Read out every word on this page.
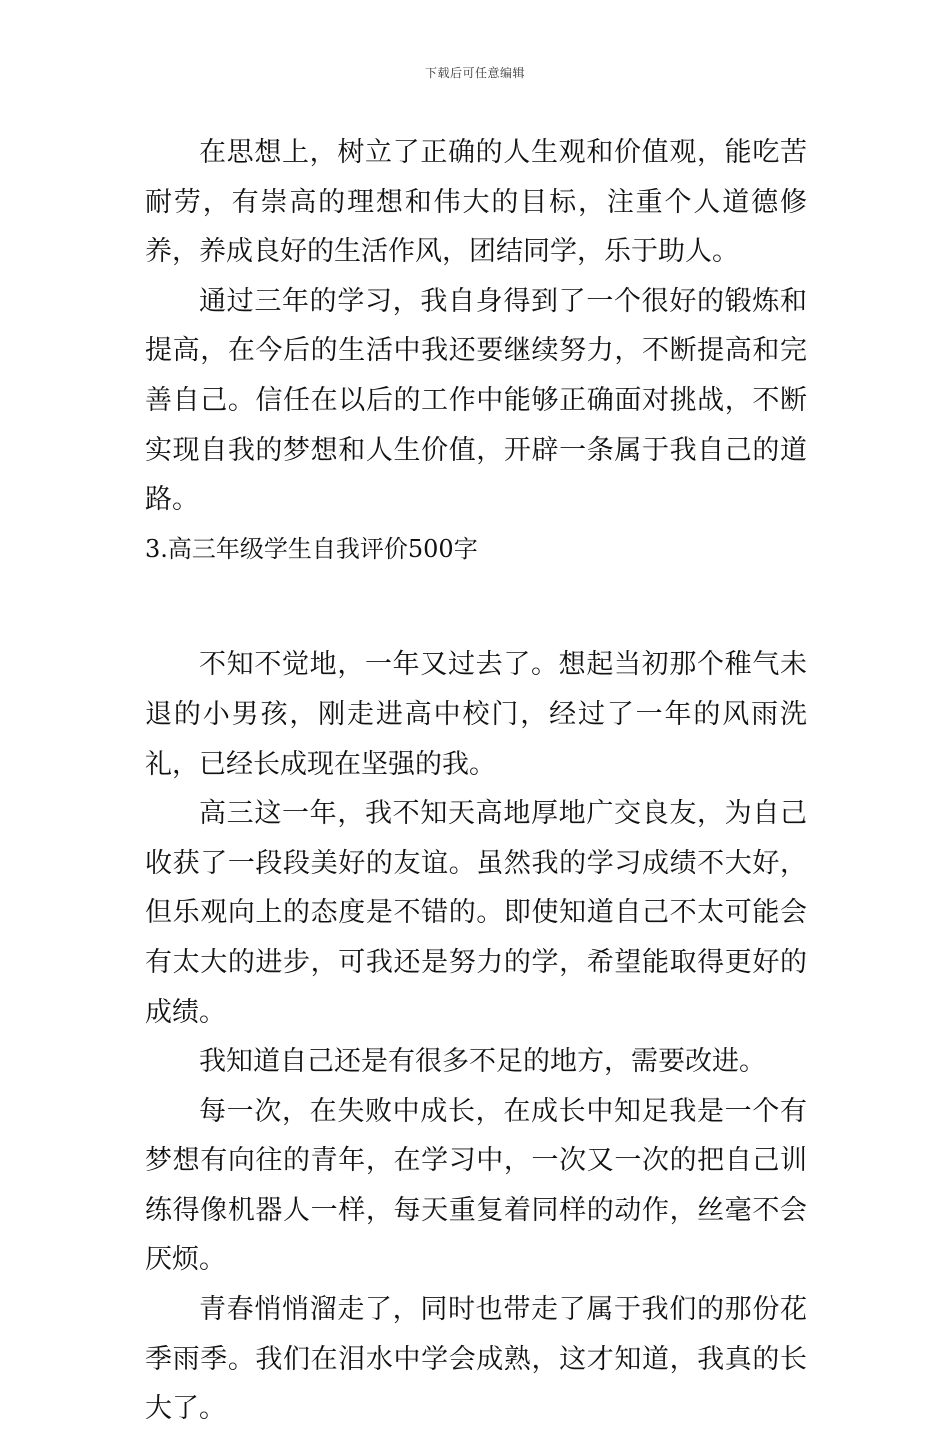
下载后可任意编辑

在思想上，树立了正确的人生观和价值观，能吃苦耐劳，有崇高的理想和伟大的目标，注重个人道德修养，养成良好的生活作风，团结同学，乐于助人。

通过三年的学习，我自身得到了一个很好的锻炼和提高，在今后的生活中我还要继续努力，不断提高和完善自己。信任在以后的工作中能够正确面对挑战，不断实现自我的梦想和人生价值，开辟一条属于我自己的道路。

3.高三年级学生自我评价500字

不知不觉地，一年又过去了。想起当初那个稚气未退的小男孩，刚走进高中校门，经过了一年的风雨洗礼，已经长成现在坚强的我。

高三这一年，我不知天高地厚地广交良友，为自己收获了一段段美好的友谊。虽然我的学习成绩不大好，但乐观向上的态度是不错的。即使知道自己不太可能会有太大的进步，可我还是努力的学，希望能取得更好的成绩。

我知道自己还是有很多不足的地方，需要改进。

每一次，在失败中成长，在成长中知足我是一个有梦想有向往的青年，在学习中，一次又一次的把自己训练得像机器人一样，每天重复着同样的动作，丝毫不会厌烦。

青春悄悄溜走了，同时也带走了属于我们的那份花季雨季。我们在泪水中学会成熟，这才知道，我真的长大了。
